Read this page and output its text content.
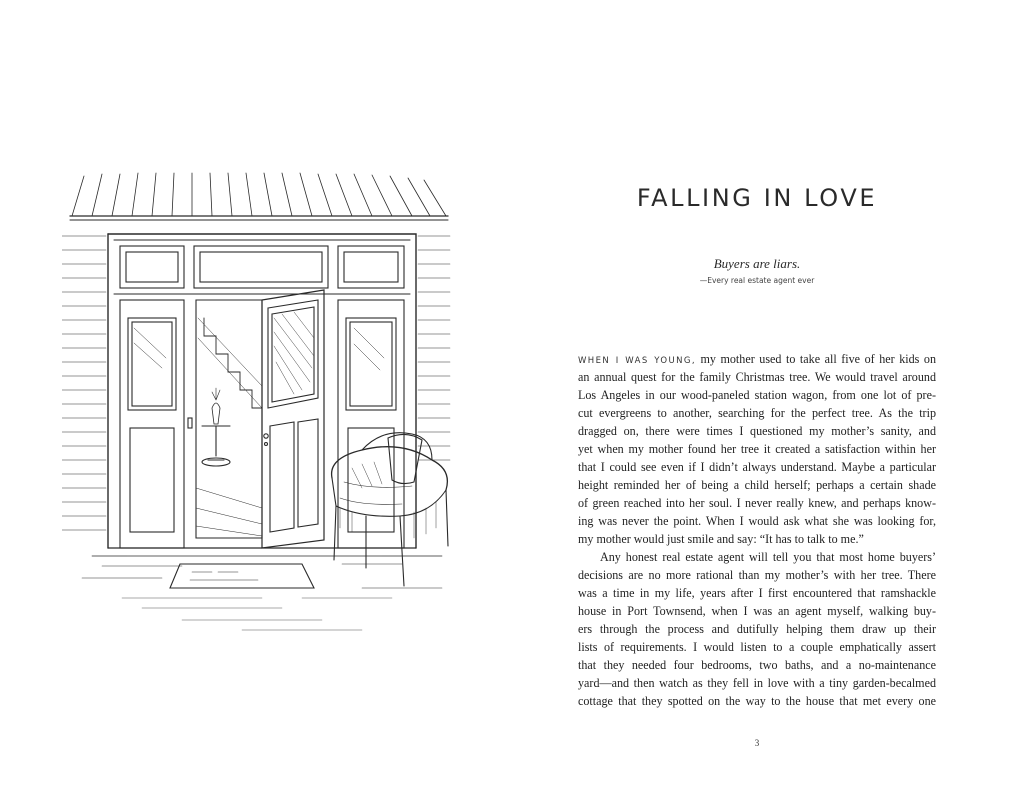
FALLING IN LOVE

Buyers are liars.

—Every real estate agent ever
WHEN I WAS YOUNG, my mother used to take all five of her kids on
an annual quest for the family Christmas tree. We would travel around
Los Angeles in our wood-paneled station wagon, from one lot of pre-
cut evergreens to another, searching for the perfect tree. As the trip
dragged on, there were times I questioned my mother’s sanity, and
yet when my mother found her tree it created a satisfaction within her
that I could see even if I didn’t always understand. Maybe a particular
height reminded her of being a child herself; perhaps a certain shade
of green reached into her soul. I never really knew, and perhaps know-
ing was never the point. When I would ask what she was looking for,
my mother would just smile and say: “It has to talk to me.”
Any honest real estate agent will tell you that most home buyers’
decisions are no more rational than my mother’s with her tree. There
was a time in my life, years after I first encountered that ramshackle
house in Port Townsend, when I was an agent myself, walking buy-
ers through the process and dutifully helping them draw up their
lists of requirements. I would listen to a couple emphatically assert
that they needed four bedrooms, two baths, and a no-maintenance
yard—and then watch as they fell in love with a tiny garden-becalmed
cottage that they spotted on the way to the house that met every one
3
